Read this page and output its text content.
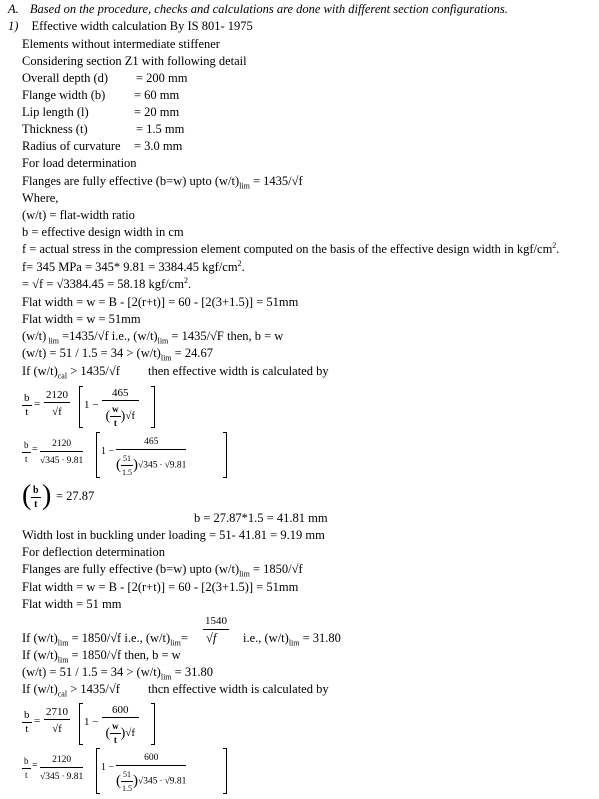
A. Based on the procedure, checks and calculations are done with different section configurations.
1) Effective width calculation By IS 801- 1975
Elements without intermediate stiffener
Considering section Z1 with following detail
Overall depth (d) = 200 mm
Flange width (b) = 60 mm
Lip length (l)	= 20 mm
Thickness (t)	= 1.5 mm
Radius of curvature = 3.0 mm
For load determination
Flanges are fully effective (b=w) upto $(w/t)_{lim} = 1435/√f$
Where,
(w/t) = flat-width ratio
b = effective design width in cm
f = actual stress in the compression element computed on the basis of the effective design width in kgf/$cm^2$.
f= 345 MPa = 345* 9.81 = 3384.45 kgf/$cm^2$.
= √f = √3384.45 = 58.18 kgf/$cm^2$.
Flat width = w = B - [2(r+t)] = 60 - [2(3+1.5)] = 51mm
Flat width = w = 51mm
(w/t) $_{lim}$ =1435/√f i.e., $(w/t)_{lim} = 1435/√F$ then, b = w
$(w/t) = 51 / 1.5 = 34 > (w/t)_{lim} = 24.67$
If $(w/t)_{cal} > 1435/√f$ then effective width is calculated by
$\frac{b}{t} = \frac{2120}{√f} 1 - \frac{465}{( \frac{w}{t} )√f}$
$\frac{b}{t} = \frac{2120}{√345 \cdot 9.81} 1 - \frac{465}{( \frac{51}{1.5} )√345 \cdot √9.81}$
( $\frac{b}{t}$ ) = 27.87
b = 27.87*1.5 = 41.81 mm
Width lost in buckling under loading = 51- 41.81 = 9.19 mm
For deflection determination
Flanges are fully effective (b=w) upto $(w/t)_{lim} = 1850/√f$
Flat width = w = B - [2(r+t)] = 60 - [2(3+1.5)] = 51mm
Flat width = 51 mm
1540
If $(w/t)_{lim} = 1850/√f$ i.e., $(w/t)_{lim}= √f$ i.e., $(w/t)_{lim} = 31.80$
If $(w/t)_{lim} = 1850/√f$ then, b = w
$(w/t) = 51 / 1.5 = 34 > (w/t)_{lim} = 31.80$
If $(w/t)_{cal} > 1435/√f$ thcn effective width is calculated by
$\frac{b}{t} = \frac{2710}{√f} 1 - \frac{600}{( \frac{w}{t} )√f}$
$\frac{b}{t} = \frac{2120}{√345 \cdot 9.81} 1 - \frac{600}{( \frac{51}{1.5} )√345 \cdot √9.81}$
